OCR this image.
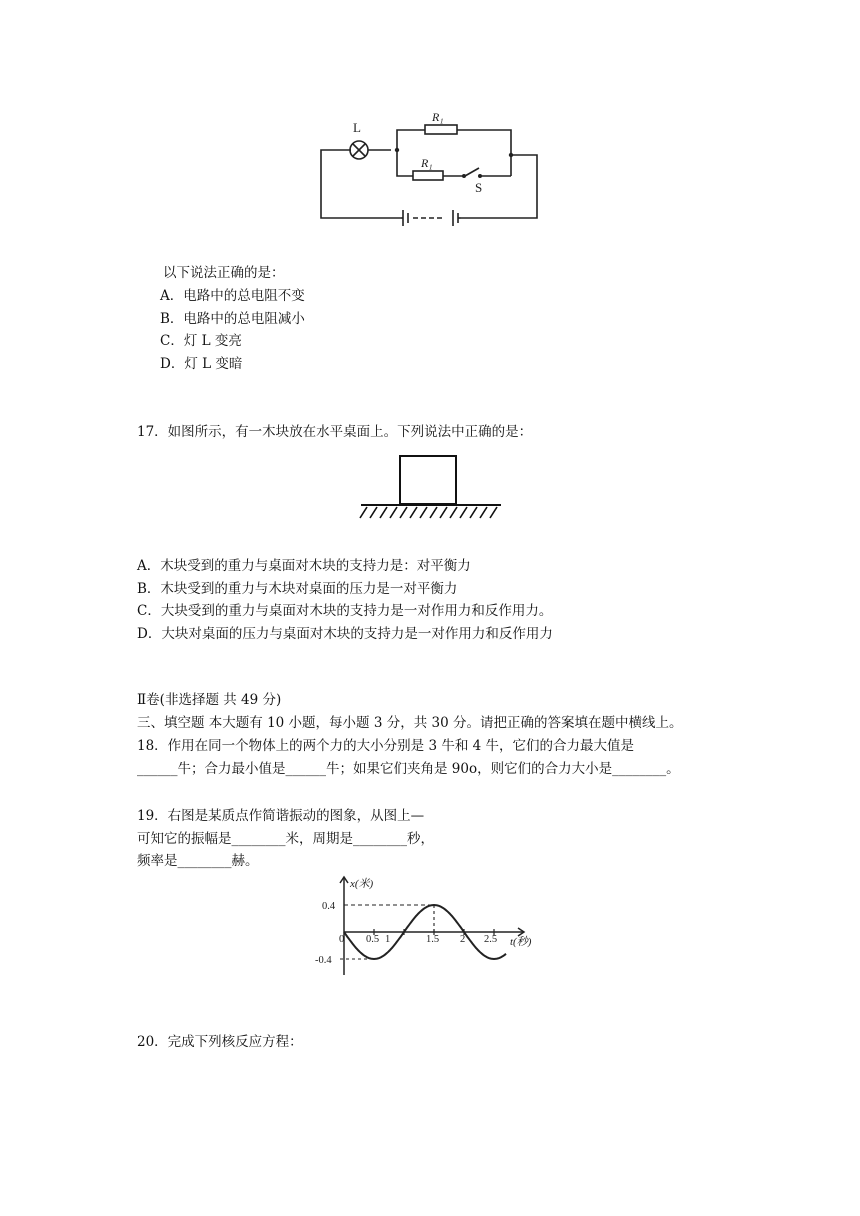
L
R₁
R₁
S
以下说法正确的是：
A．电路中的总电阻不变
B．电路中的总电阻减小
C．灯 L 变亮
D．灯 L 变暗
17．如图所示，有一木块放在水平桌面上。下列说法中正确的是：
A．木块受到的重力与桌面对木块的支持力是：对平衡力
B．木块受到的重力与木块对桌面的压力是一对平衡力
C．大块受到的重力与桌面对木块的支持力是一对作用力和反作用力。
D．大块对桌面的压力与桌面对木块的支持力是一对作用力和反作用力
Ⅱ卷(非选择题 共 49 分)
三、填空题 本大题有 10 小题，每小题 3 分，共 30 分。请把正确的答案填在题中横线上。
18．作用在同一个物体上的两个力的大小分别是 3 牛和 4 牛，它们的合力最大值是
______牛；合力最小值是______牛；如果它们夹角是 90o，则它们的合力大小是________。
19．右图是某质点作简谐振动的图象，从图上—
可知它的振幅是________米，周期是________秒，
频率是________赫。
x(米)
0.4
-0.4
0 0.5 1	1.5 2 2.5 t(秒)
20．完成下列核反应方程：
